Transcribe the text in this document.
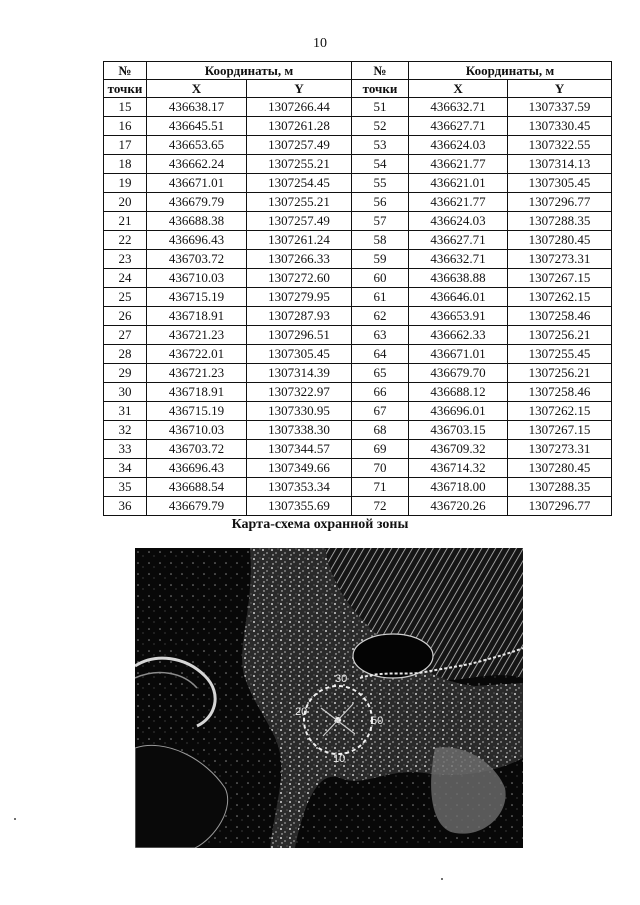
10
№	Координаты, м		№	Координаты, м	
точки	X	Y	точки	X	Y
15	436638.17	1307266.44	51	436632.71	1307337.59
16	436645.51	1307261.28	52	436627.71	1307330.45
17	436653.65	1307257.49	53	436624.03	1307322.55
18	436662.24	1307255.21	54	436621.77	1307314.13
19	436671.01	1307254.45	55	436621.01	1307305.45
20	436679.79	1307255.21	56	436621.77	1307296.77
21	436688.38	1307257.49	57	436624.03	1307288.35
22	436696.43	1307261.24	58	436627.71	1307280.45
23	436703.72	1307266.33	59	436632.71	1307273.31
24	436710.03	1307272.60	60	436638.88	1307267.15
25	436715.19	1307279.95	61	436646.01	1307262.15
26	436718.91	1307287.93	62	436653.91	1307258.46
27	436721.23	1307296.51	63	436662.33	1307256.21
28	436722.01	1307305.45	64	436671.01	1307255.45
29	436721.23	1307314.39	65	436679.70	1307256.21
30	436718.91	1307322.97	66	436688.12	1307258.46
31	436715.19	1307330.95	67	436696.01	1307262.15
32	436710.03	1307338.30	68	436703.15	1307267.15
33	436703.72	1307344.57	69	436709.32	1307273.31
34	436696.43	1307349.66	70	436714.32	1307280.45
35	436688.54	1307353.34	71	436718.00	1307288.35
36	436679.79	1307355.69	72	436720.26	1307296.77
Карта-схема охранной зоны
30
20
50
10
